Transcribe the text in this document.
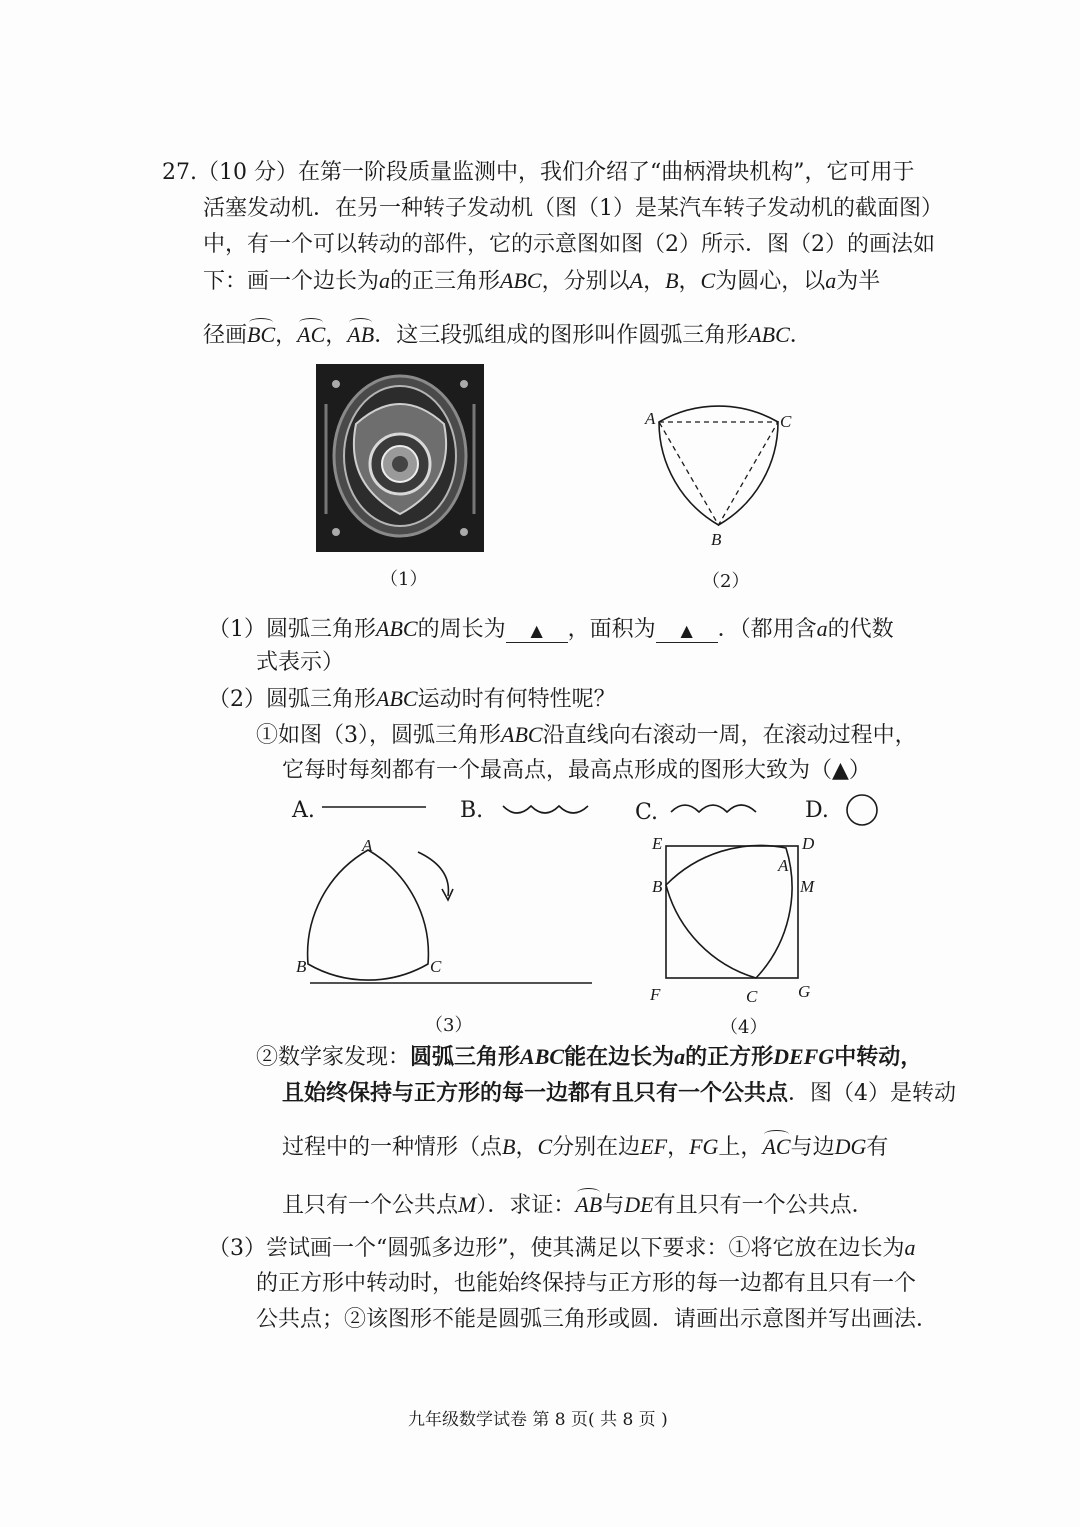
27.（10 分）在第一阶段质量监测中，我们介绍了“曲柄滑块机构”，它可用于
活塞发动机．在另一种转子发动机（图（1）是某汽车转子发动机的截面图）
中，有一个可以转动的部件，它的示意图如图（2）所示．图（2）的画法如
下：画一个边长为a的正三角形ABC，分别以A，B，C为圆心，以a为半
径画BC，AC，AB．这三段弧组成的图形叫作圆弧三角形ABC．
（1）
A	C
B
（2）
（1）圆弧三角形ABC的周长为 ▲ ，面积为 ▲ ．（都用含a的代数
式表示）
（2）圆弧三角形ABC运动时有何特性呢？
①如图（3），圆弧三角形ABC沿直线向右滚动一周，在滚动过程中，
它每时每刻都有一个最高点，最高点形成的图形大致为（▲）
A.	B.	C.	D.
A
B	C
（3）
E	D
A
B	M
F	C G
（4）
②数学家发现：圆弧三角形ABC能在边长为a的正方形DEFG中转动，
且始终保持与正方形的每一边都有且只有一个公共点．图（4）是转动
过程中的一种情形（点B，C分别在边EF，FG上，AC与边DG有
且只有一个公共点M）．求证：AB与DE有且只有一个公共点．
（3）尝试画一个“圆弧多边形”，使其满足以下要求：①将它放在边长为a
的正方形中转动时，也能始终保持与正方形的每一边都有且只有一个
公共点；②该图形不能是圆弧三角形或圆．请画出示意图并写出画法．
九年级数学试卷 第 8 页( 共 8 页 )
